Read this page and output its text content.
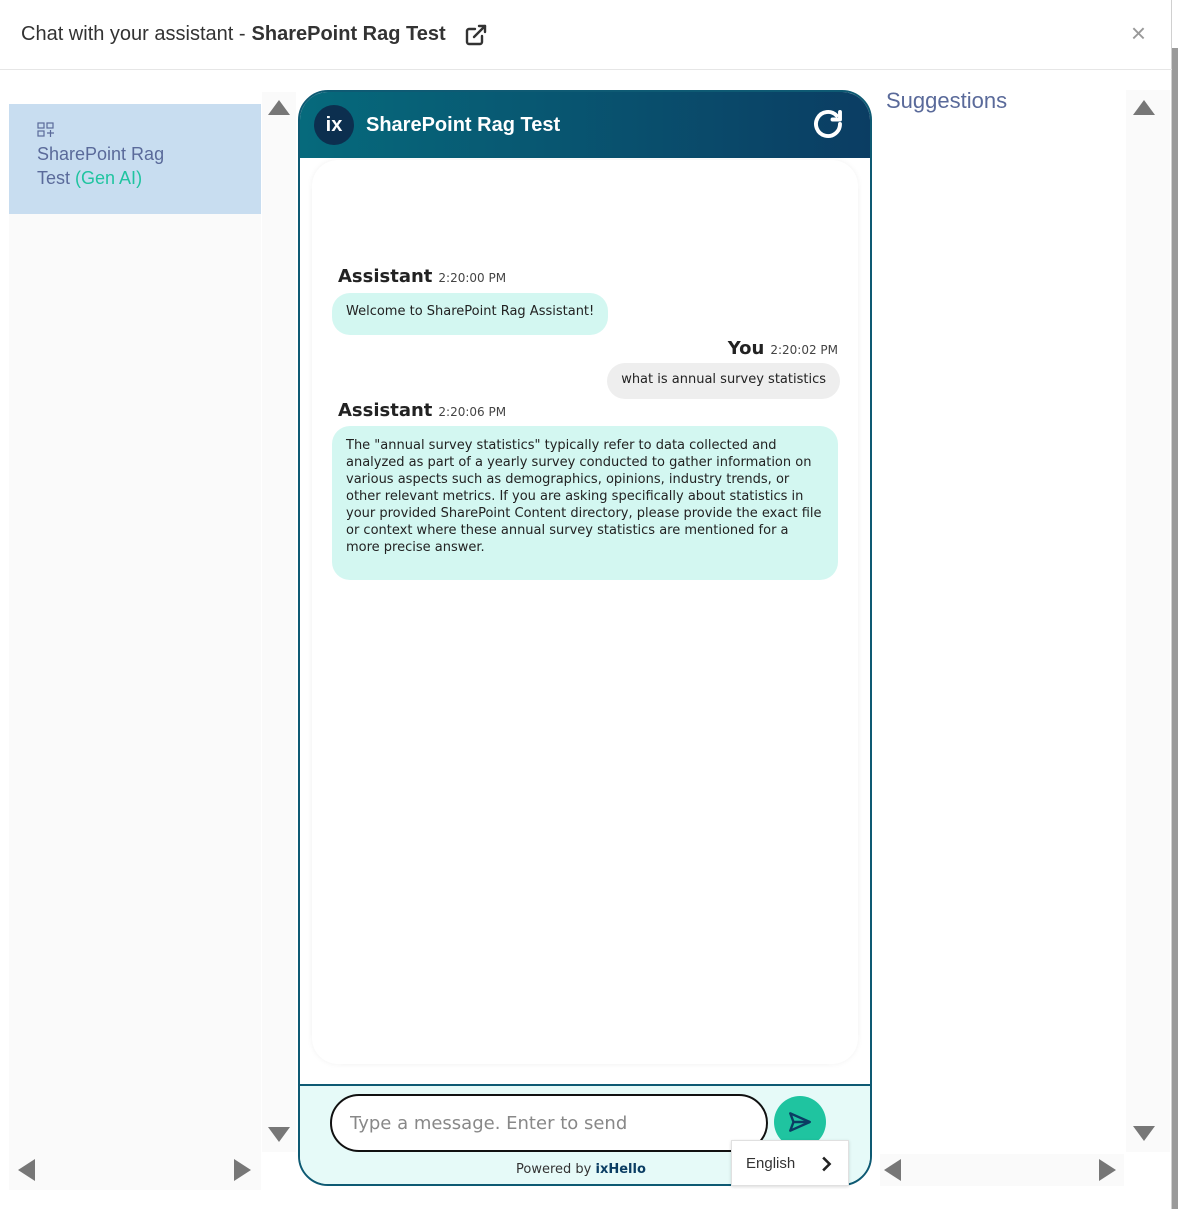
Chat with your assistant - SharePoint Rag Test	×
SharePoint Rag Test (Gen AI)
ix	SharePoint Rag Test
Assistant 2:20:00 PM
Welcome to SharePoint Rag Assistant!
You 2:20:02 PM
what is annual survey statistics
Assistant 2:20:06 PM
The "annual survey statistics" typically refer to data collected and analyzed as part of a yearly survey conducted to gather information on various aspects such as demographics, opinions, industry trends, or other relevant metrics. If you are asking specifically about statistics in your provided SharePoint Content directory, please provide the exact file or context where these annual survey statistics are mentioned for a more precise answer.
Type a message. Enter to send
Powered by ixHello	English
Suggestions
